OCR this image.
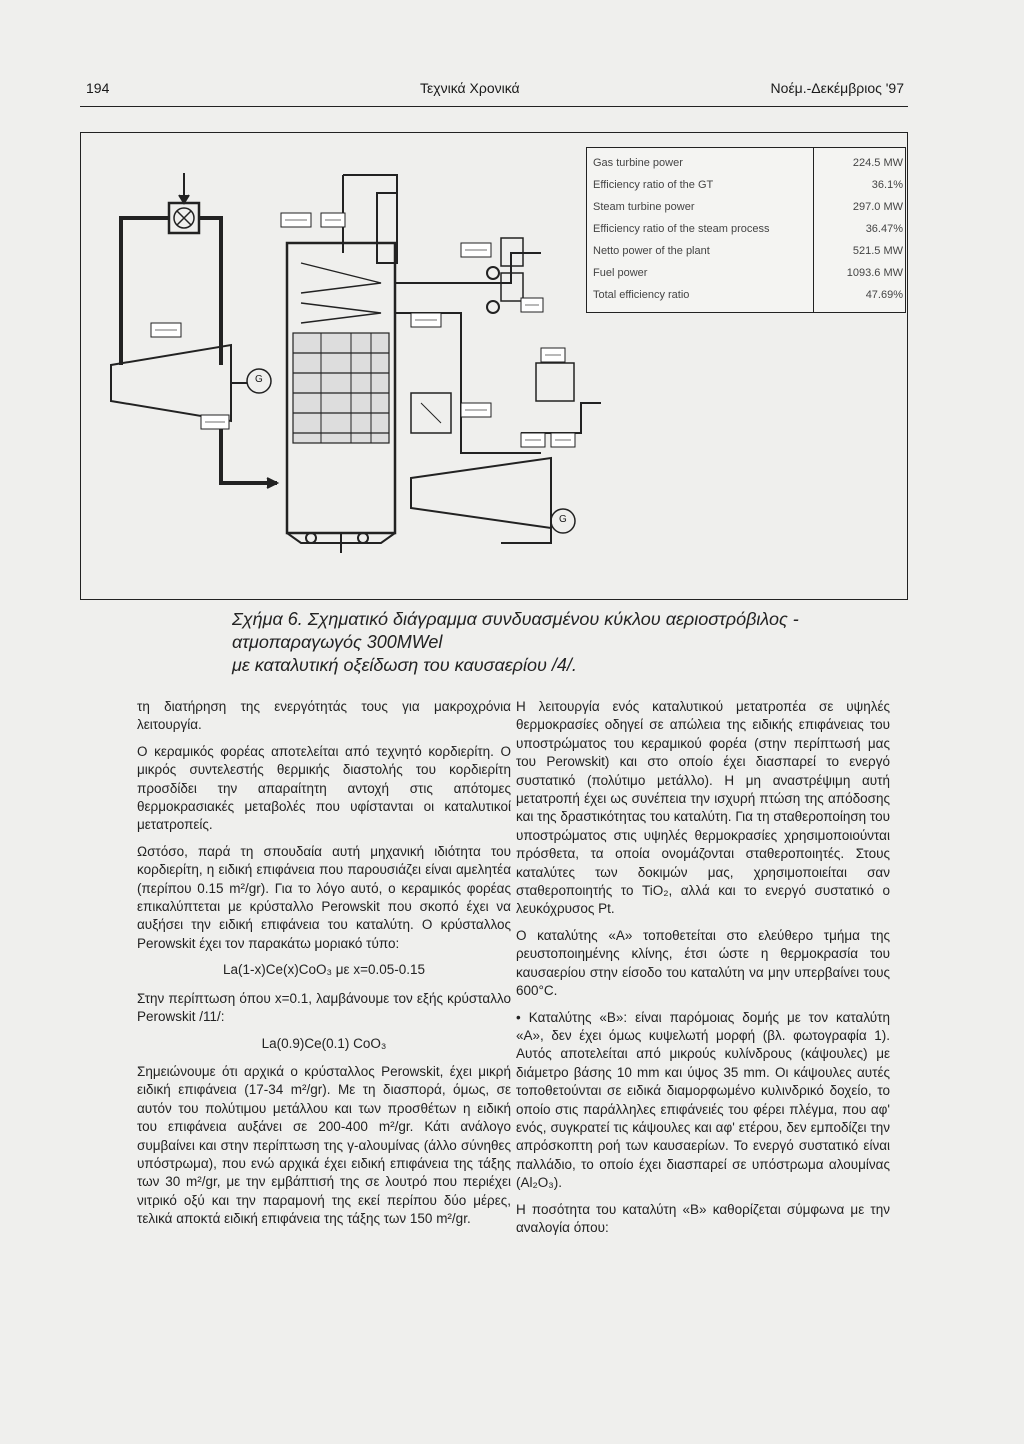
194	Τεχνικά Χρονικά	Νοέμ.-Δεκέμβριος '97
Gas turbine power	224.5 MW
Efficiency ratio of the GT	36.1%
Steam turbine power	297.0 MW
Efficiency ratio of the steam process	36.47%
Netto power of the plant	521.5 MW
Fuel power	1093.6 MW
Total efficiency ratio	47.69%
G
G

Σχήμα 6. Σχηματικό διάγραμμα συνδυασμένου κύκλου αεριοστρόβιλος - ατμοπαραγωγός 300MWel

με καταλυτική οξείδωση του καυσαερίου /4/.

τη διατήρηση της ενεργότητάς τους για μακροχρόνια λειτουργία.

Ο κεραμικός φορέας αποτελείται από τεχνητό κορδιερίτη. Ο μικρός συντελεστής θερμικής διαστολής του κορδιερίτη προσδίδει την απαραίτητη αντοχή στις απότομες θερμοκρασιακές μεταβολές που υφίστανται οι καταλυτικοί μετατροπείς.

Ωστόσο, παρά τη σπουδαία αυτή μηχανική ιδιότητα του κορδιερίτη, η ειδική επιφάνεια που παρουσιάζει είναι αμελητέα (περίπου 0.15 m²/gr). Για το λόγο αυτό, ο κεραμικός φορέας επικαλύπτεται με κρύσταλλο Perowskit που σκοπό έχει να αυξήσει την ειδική επιφάνεια του καταλύτη. Ο κρύσταλλος Perowskit έχει τον παρακάτω μοριακό τύπο:

La(1-x)Ce(x)CoO₃ με x=0.05-0.15

Στην περίπτωση όπου x=0.1, λαμβάνουμε τον εξής κρύσταλλο Perowskit /11/:

La(0.9)Ce(0.1) CoO₃

Σημειώνουμε ότι αρχικά ο κρύσταλλος Perowskit, έχει μικρή ειδική επιφάνεια (17-34 m²/gr). Με τη διασπορά, όμως, σε αυτόν του πολύτιμου μετάλλου και των προσθέτων η ειδική του επιφάνεια αυξάνει σε 200-400 m²/gr. Κάτι ανάλογο συμβαίνει και στην περίπτωση της γ-αλουμίνας (άλλο σύνηθες υπόστρωμα), που ενώ αρχικά έχει ειδική επιφάνεια της τάξης των 30 m²/gr, με την εμβάπτισή της σε λουτρό που περιέχει νιτρικό οξύ και την παραμονή της εκεί περίπου δύο μέρες, τελικά αποκτά ειδική επιφάνεια της τάξης των 150 m²/gr.

Η λειτουργία ενός καταλυτικού μετατροπέα σε υψηλές θερμοκρασίες οδηγεί σε απώλεια της ειδικής επιφάνειας του υποστρώματος του κεραμικού φορέα (στην περίπτωσή μας του Perowskit) και στο οποίο έχει διασπαρεί το ενεργό συστατικό (πολύτιμο μετάλλο). Η μη αναστρέψιμη αυτή μετατροπή έχει ως συνέπεια την ισχυρή πτώση της απόδοσης και της δραστικότητας του καταλύτη. Για τη σταθεροποίηση του υποστρώματος στις υψηλές θερμοκρασίες χρησιμοποιούνται πρόσθετα, τα οποία ονομάζονται σταθεροποιητές. Στους καταλύτες των δοκιμών μας, χρησιμοποιείται σαν σταθεροποιητής το TiO₂, αλλά και το ενεργό συστατικό ο λευκόχρυσος Pt.

Ο καταλύτης «Α» τοποθετείται στο ελεύθερο τμήμα της ρευστοποιημένης κλίνης, έτσι ώστε η θερμοκρασία του καυσαερίου στην είσοδο του καταλύτη να μην υπερβαίνει τους 600°C.

• Καταλύτης «Β»: είναι παρόμοιας δομής με τον καταλύτη «Α», δεν έχει όμως κυψελωτή μορφή (βλ. φωτογραφία 1). Αυτός αποτελείται από μικρούς κυλίνδρους (κάψουλες) με διάμετρο βάσης 10 mm και ύψος 35 mm. Οι κάψουλες αυτές τοποθετούνται σε ειδικά διαμορφωμένο κυλινδρικό δοχείο, το οποίο στις παράλληλες επιφάνειές του φέρει πλέγμα, που αφ' ενός, συγκρατεί τις κάψουλες και αφ' ετέρου, δεν εμποδίζει την απρόσκοπτη ροή των καυσαερίων. Το ενεργό συστατικό είναι παλλάδιο, το οποίο έχει διασπαρεί σε υπόστρωμα αλουμίνας (Al₂O₃).

Η ποσότητα του καταλύτη «Β» καθορίζεται σύμφωνα με την αναλογία όπου:
